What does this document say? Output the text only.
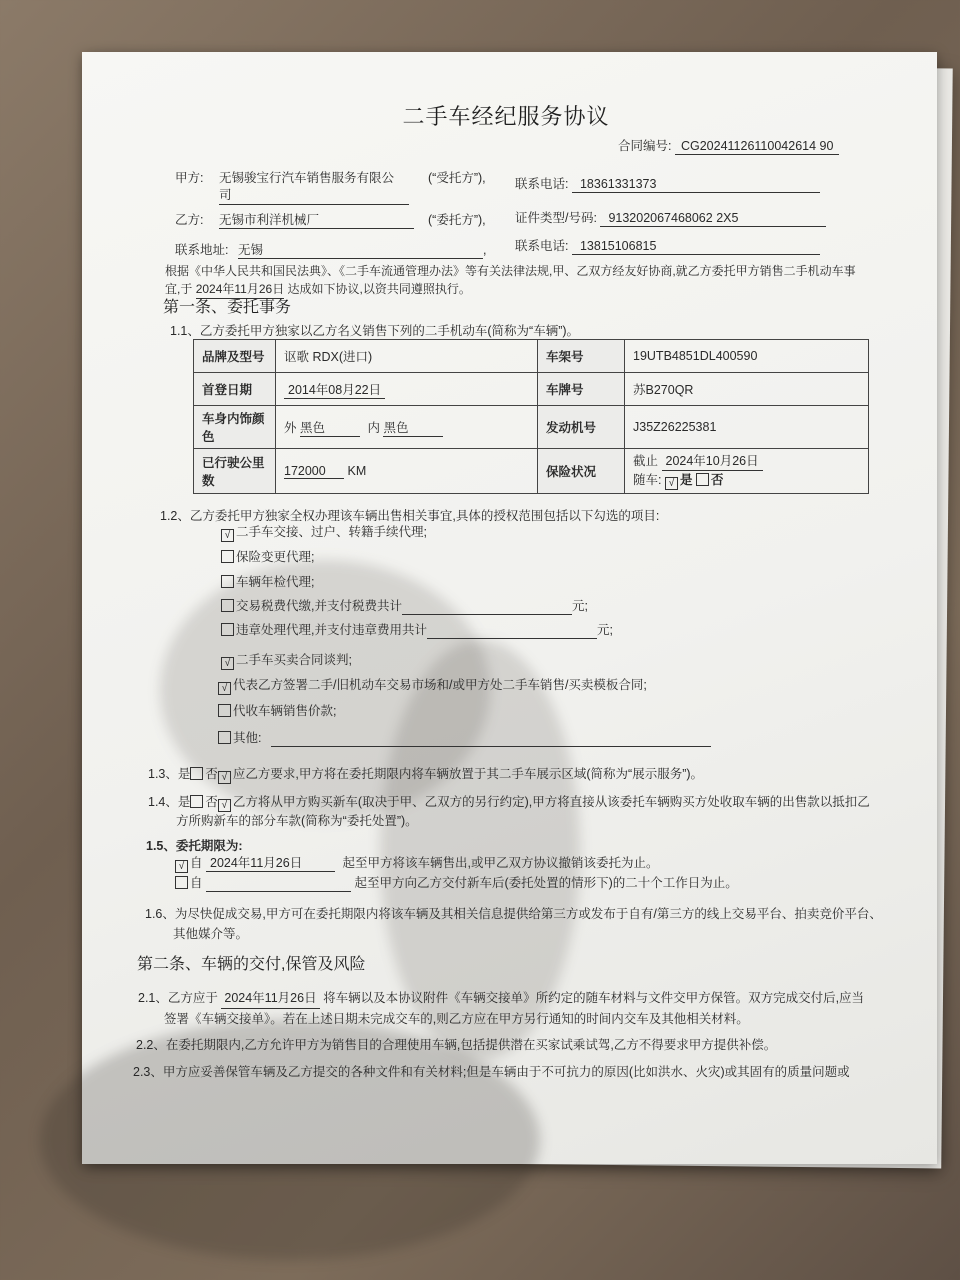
二手车经纪服务协议
合同编号: CG20241126110042614 90
甲方: 无锡骏宝行汽车销售服务有限公
司
(“受托方”), 联系电话: 18361331373
乙方: 无锡市利洋机械厂	(“委托方”), 证件类型/号码: 913202067468062 2X5
联系地址: 无锡	, 联系电话: 13815106815
根据《中华人民共和国民法典》、《二手车流通管理办法》等有关法律法规,甲、乙双方经友好协商,就乙方委托甲方销售二手机动车事
宜,于 2024年11月26日 达成如下协议,以资共同遵照执行。
第一条、委托事务
1.1、乙方委托甲方独家以乙方名义销售下列的二手机动车(简称为“车辆”)。
品牌及型号	讴歌 RDX(进口)	车架号	19UTB4851DL400590
首登日期	2014年08月22日	车牌号	苏B270QR
车身内饰颜色	外 黑色 内 黑色	发动机号	J35Z26225381
已行驶公里数	172000 KM	保险状况	截止 2024年10月26日
随车: √ 是 否
1.2、乙方委托甲方独家全权办理该车辆出售相关事宜,具体的授权范围包括以下勾选的项目:
√ 二手车交接、过户、转籍手续代理;
保险变更代理;
车辆年检代理;
交易税费代缴,并支付税费共计	元;
违章处理代理,并支付违章费用共计	元;
√ 二手车买卖合同谈判;
√ 代表乙方签署二手/旧机动车交易市场和/或甲方处二手车销售/买卖模板合同;
代收车辆销售价款;
其他:
1.3、是 否 √ 应乙方要求,甲方将在委托期限内将车辆放置于其二手车展示区域(简称为“展示服务”)。
1.4、是 否 √ 乙方将从甲方购买新车(取决于甲、乙双方的另行约定),甲方将直接从该委托车辆购买方处收取车辆的出售款以抵扣乙
方所购新车的部分车款(简称为“委托处置”)。
1.5、委托期限为:
√ 自 2024年11月26日	起至甲方将该车辆售出,或甲乙双方协议撤销该委托为止。
自	起至甲方向乙方交付新车后(委托处置的情形下)的二十个工作日为止。
1.6、为尽快促成交易,甲方可在委托期限内将该车辆及其相关信息提供给第三方或发布于自有/第三方的线上交易平台、拍卖竞价平台、
其他媒介等。
第二条、车辆的交付,保管及风险
2.1、乙方应于 2024年11月26日 将车辆以及本协议附件《车辆交接单》所约定的随车材料与文件交甲方保管。双方完成交付后,应当
签署《车辆交接单》。若在上述日期未完成交车的,则乙方应在甲方另行通知的时间内交车及其他相关材料。
2.2、在委托期限内,乙方允许甲方为销售目的合理使用车辆,包括提供潜在买家试乘试驾,乙方不得要求甲方提供补偿。
2.3、甲方应妥善保管车辆及乙方提交的各种文件和有关材料;但是车辆由于不可抗力的原因(比如洪水、火灾)或其固有的质量问题或
